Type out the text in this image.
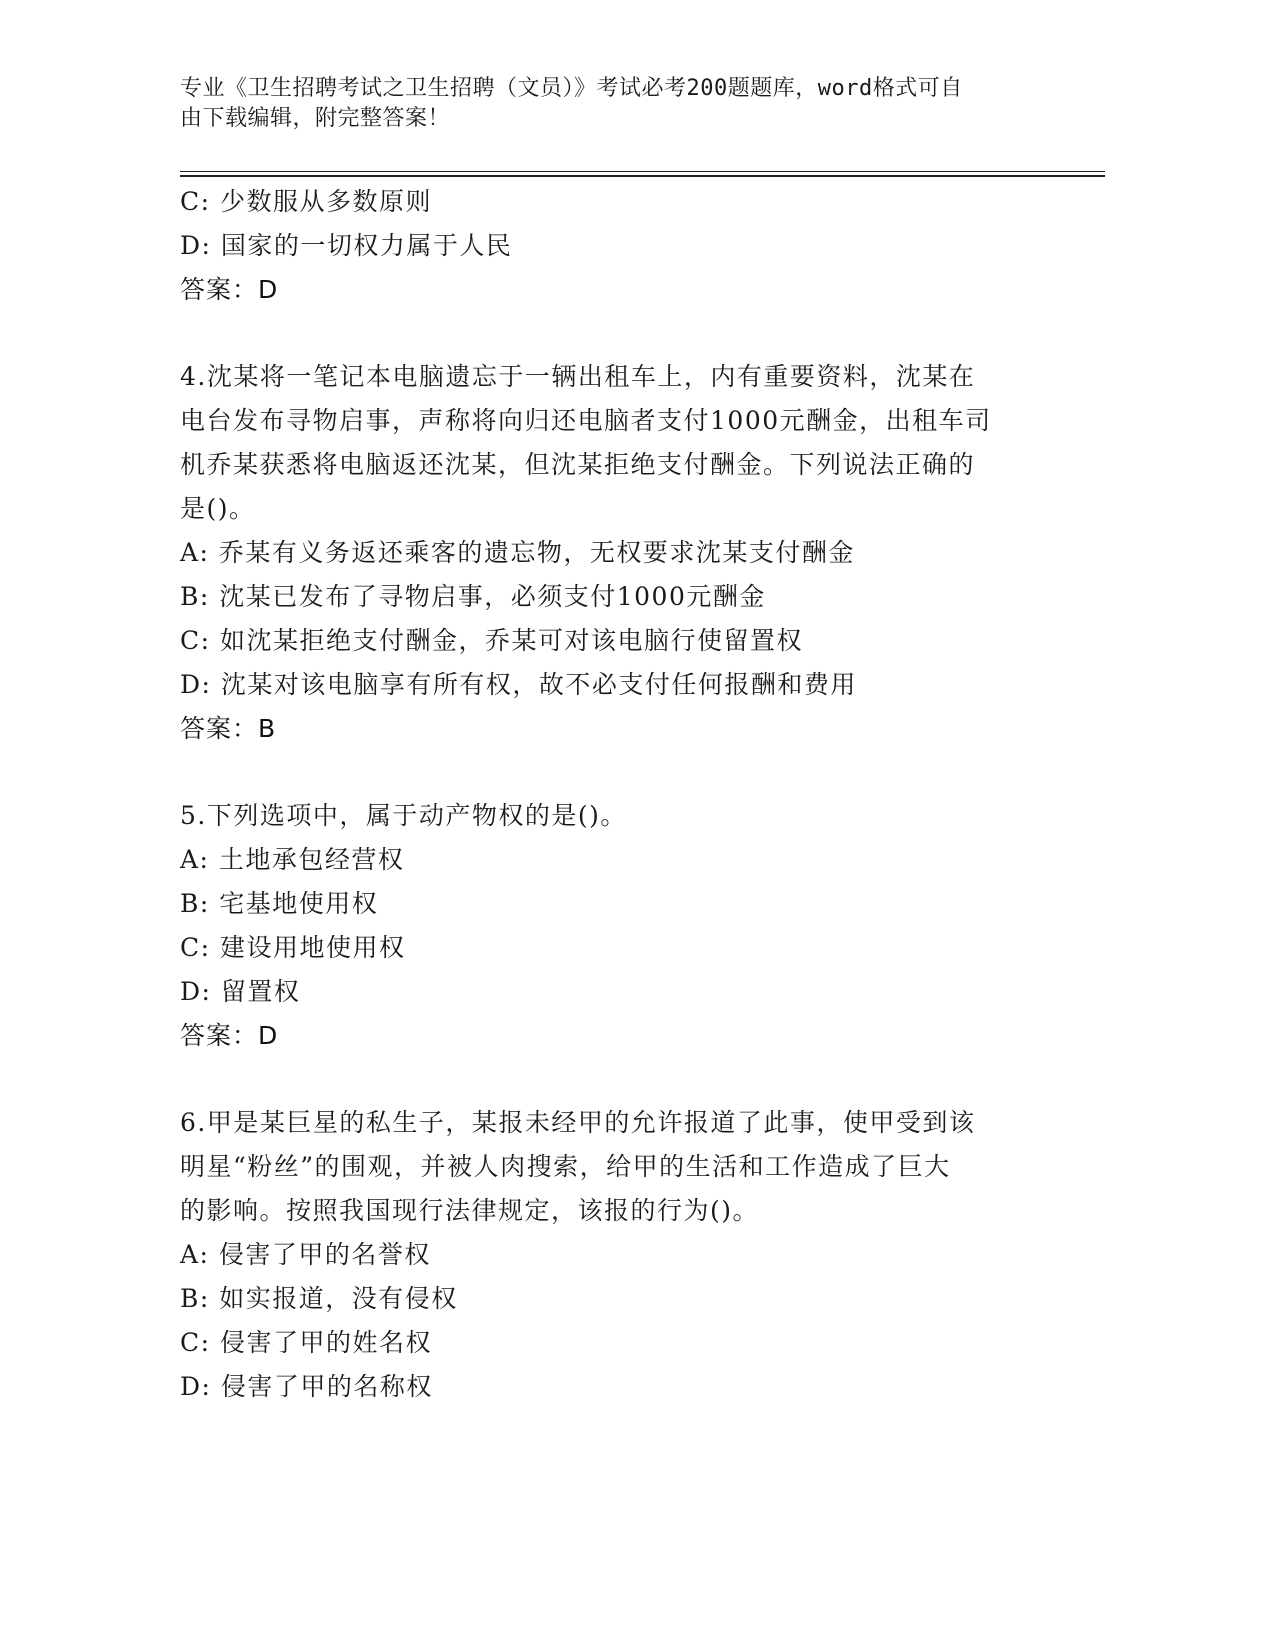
专业《卫生招聘考试之卫生招聘（文员）》考试必考200题题库，word格式可自
由下载编辑，附完整答案！
C: 少数服从多数原则
D: 国家的一切权力属于人民
答案：D
4.沈某将一笔记本电脑遗忘于一辆出租车上，内有重要资料，沈某在
电台发布寻物启事，声称将向归还电脑者支付1000元酬金，出租车司
机乔某获悉将电脑返还沈某，但沈某拒绝支付酬金。下列说法正确的
是()。
A: 乔某有义务返还乘客的遗忘物，无权要求沈某支付酬金
B: 沈某已发布了寻物启事，必须支付1000元酬金
C: 如沈某拒绝支付酬金，乔某可对该电脑行使留置权
D: 沈某对该电脑享有所有权，故不必支付任何报酬和费用
答案：B
5.下列选项中，属于动产物权的是()。
A: 土地承包经营权
B: 宅基地使用权
C: 建设用地使用权
D: 留置权
答案：D
6.甲是某巨星的私生子，某报未经甲的允许报道了此事，使甲受到该
明星“粉丝”的围观，并被人肉搜索，给甲的生活和工作造成了巨大
的影响。按照我国现行法律规定，该报的行为()。
A: 侵害了甲的名誉权
B: 如实报道，没有侵权
C: 侵害了甲的姓名权
D: 侵害了甲的名称权
